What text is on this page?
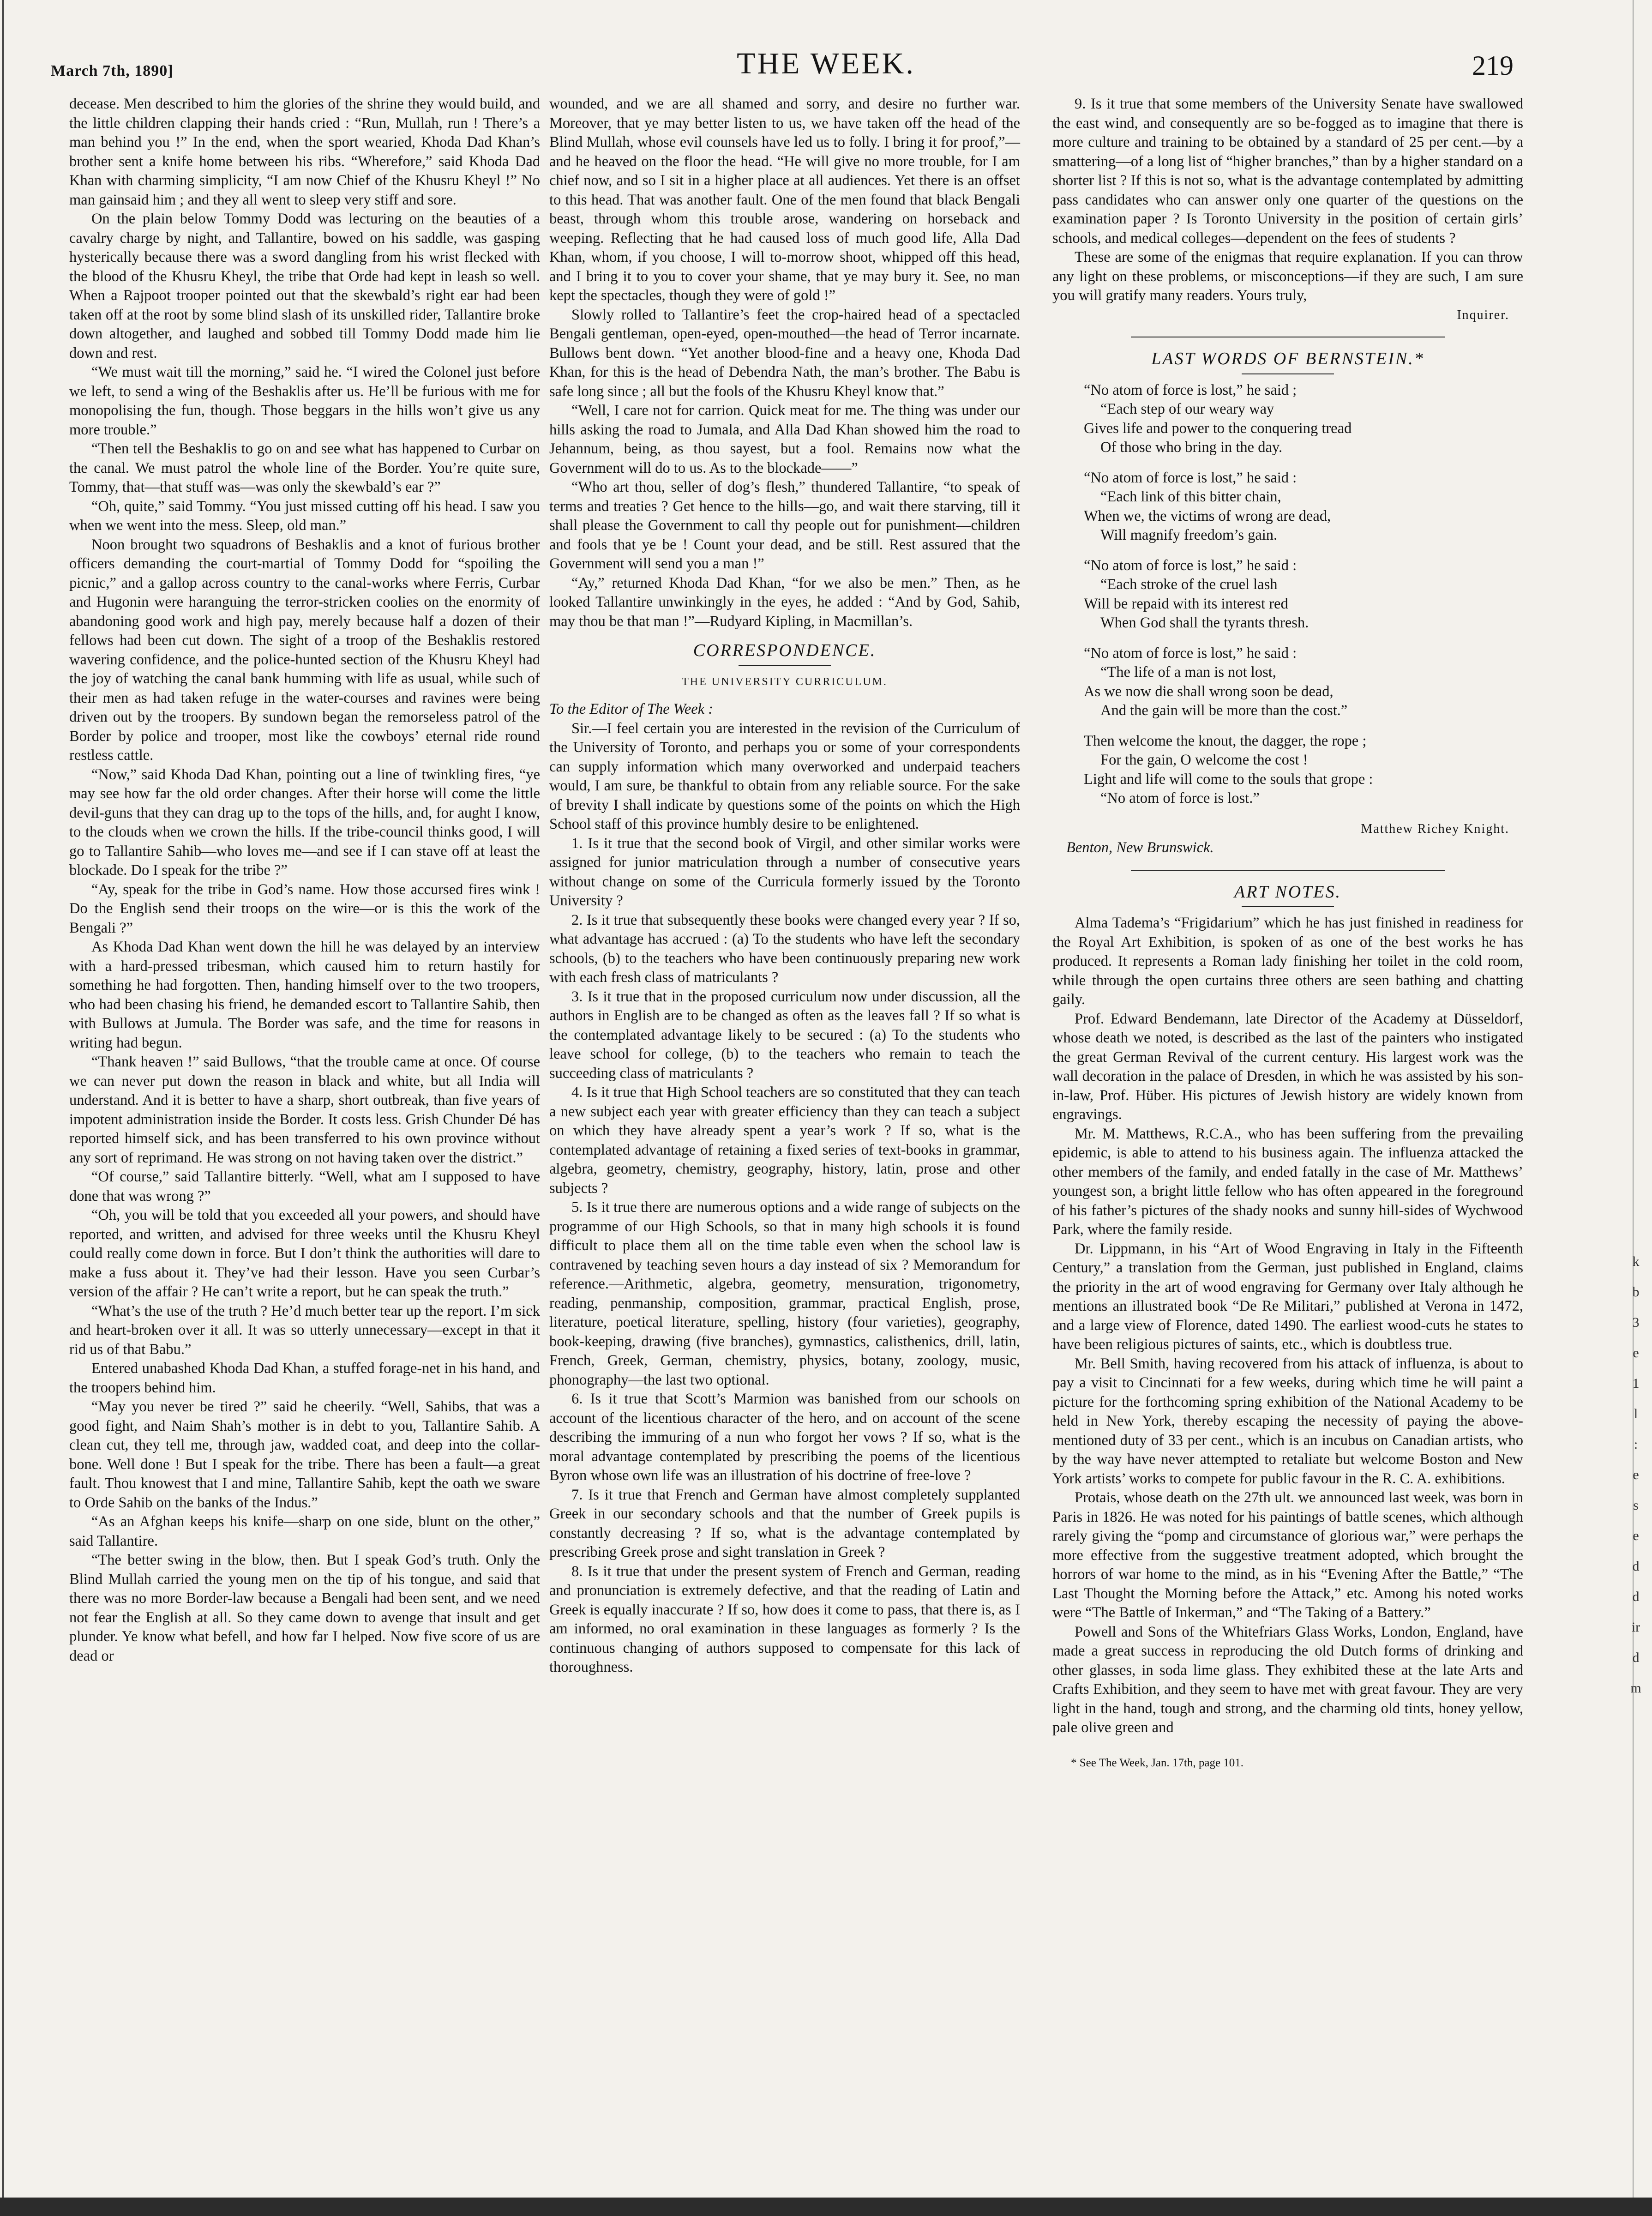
March 7th, 1890]	THE WEEK.	219

decease. Men described to him the glories of the shrine they would build, and the little children clapping their hands cried : “Run, Mullah, run ! There’s a man behind you !” In the end, when the sport wearied, Khoda Dad Khan’s brother sent a knife home between his ribs. “Wherefore,” said Khoda Dad Khan with charming simplicity, “I am now Chief of the Khusru Kheyl !” No man gainsaid him ; and they all went to sleep very stiff and sore.

On the plain below Tommy Dodd was lecturing on the beauties of a cavalry charge by night, and Tallantire, bowed on his saddle, was gasping hysterically because there was a sword dangling from his wrist flecked with the blood of the Khusru Kheyl, the tribe that Orde had kept in leash so well. When a Rajpoot trooper pointed out that the skewbald’s right ear had been taken off at the root by some blind slash of its unskilled rider, Tallantire broke down altogether, and laughed and sobbed till Tommy Dodd made him lie down and rest.

“We must wait till the morning,” said he. “I wired the Colonel just before we left, to send a wing of the Beshaklis after us. He’ll be furious with me for monopolising the fun, though. Those beggars in the hills won’t give us any more trouble.”

“Then tell the Beshaklis to go on and see what has happened to Curbar on the canal. We must patrol the whole line of the Border. You’re quite sure, Tommy, that—that stuff was—was only the skewbald’s ear ?”

“Oh, quite,” said Tommy. “You just missed cutting off his head. I saw you when we went into the mess. Sleep, old man.”

Noon brought two squadrons of Beshaklis and a knot of furious brother officers demanding the court-martial of Tommy Dodd for “spoiling the picnic,” and a gallop across country to the canal-works where Ferris, Curbar and Hugonin were haranguing the terror-stricken coolies on the enormity of abandoning good work and high pay, merely because half a dozen of their fellows had been cut down. The sight of a troop of the Beshaklis restored wavering confidence, and the police-hunted section of the Khusru Kheyl had the joy of watching the canal bank humming with life as usual, while such of their men as had taken refuge in the water-courses and ravines were being driven out by the troopers. By sundown began the remorseless patrol of the Border by police and trooper, most like the cowboys’ eternal ride round restless cattle.

“Now,” said Khoda Dad Khan, pointing out a line of twinkling fires, “ye may see how far the old order changes. After their horse will come the little devil-guns that they can drag up to the tops of the hills, and, for aught I know, to the clouds when we crown the hills. If the tribe-council thinks good, I will go to Tallantire Sahib—who loves me—and see if I can stave off at least the blockade. Do I speak for the tribe ?”

“Ay, speak for the tribe in God’s name. How those accursed fires wink ! Do the English send their troops on the wire—or is this the work of the Bengali ?”

As Khoda Dad Khan went down the hill he was delayed by an interview with a hard-pressed tribesman, which caused him to return hastily for something he had forgotten. Then, handing himself over to the two troopers, who had been chasing his friend, he demanded escort to Tallantire Sahib, then with Bullows at Jumula. The Border was safe, and the time for reasons in writing had begun.

“Thank heaven !” said Bullows, “that the trouble came at once. Of course we can never put down the reason in black and white, but all India will understand. And it is better to have a sharp, short outbreak, than five years of impotent administration inside the Border. It costs less. Grish Chunder Dé has reported himself sick, and has been transferred to his own province without any sort of reprimand. He was strong on not having taken over the district.”

“Of course,” said Tallantire bitterly. “Well, what am I supposed to have done that was wrong ?”

“Oh, you will be told that you exceeded all your powers, and should have reported, and written, and advised for three weeks until the Khusru Kheyl could really come down in force. But I don’t think the authorities will dare to make a fuss about it. They’ve had their lesson. Have you seen Curbar’s version of the affair ? He can’t write a report, but he can speak the truth.”

“What’s the use of the truth ? He’d much better tear up the report. I’m sick and heart-broken over it all. It was so utterly unnecessary—except in that it rid us of that Babu.”

Entered unabashed Khoda Dad Khan, a stuffed forage-net in his hand, and the troopers behind him.

“May you never be tired ?” said he cheerily. “Well, Sahibs, that was a good fight, and Naim Shah’s mother is in debt to you, Tallantire Sahib. A clean cut, they tell me, through jaw, wadded coat, and deep into the collar-bone. Well done ! But I speak for the tribe. There has been a fault—a great fault. Thou knowest that I and mine, Tallantire Sahib, kept the oath we sware to Orde Sahib on the banks of the Indus.”

“As an Afghan keeps his knife—sharp on one side, blunt on the other,” said Tallantire.

“The better swing in the blow, then. But I speak God’s truth. Only the Blind Mullah carried the young men on the tip of his tongue, and said that there was no more Border-law because a Bengali had been sent, and we need not fear the English at all. So they came down to avenge that insult and get plunder. Ye know what befell, and how far I helped. Now five score of us are dead or

wounded, and we are all shamed and sorry, and desire no further war. Moreover, that ye may better listen to us, we have taken off the head of the Blind Mullah, whose evil counsels have led us to folly. I bring it for proof,”—and he heaved on the floor the head. “He will give no more trouble, for I am chief now, and so I sit in a higher place at all audiences. Yet there is an offset to this head. That was another fault. One of the men found that black Bengali beast, through whom this trouble arose, wandering on horseback and weeping. Reflecting that he had caused loss of much good life, Alla Dad Khan, whom, if you choose, I will to-morrow shoot, whipped off this head, and I bring it to you to cover your shame, that ye may bury it. See, no man kept the spectacles, though they were of gold !”

Slowly rolled to Tallantire’s feet the crop-haired head of a spectacled Bengali gentleman, open-eyed, open-mouthed—the head of Terror incarnate. Bullows bent down. “Yet another blood-fine and a heavy one, Khoda Dad Khan, for this is the head of Debendra Nath, the man’s brother. The Babu is safe long since ; all but the fools of the Khusru Kheyl know that.”

“Well, I care not for carrion. Quick meat for me. The thing was under our hills asking the road to Jumala, and Alla Dad Khan showed him the road to Jehannum, being, as thou sayest, but a fool. Remains now what the Government will do to us. As to the blockade——”

“Who art thou, seller of dog’s flesh,” thundered Tallantire, “to speak of terms and treaties ? Get hence to the hills—go, and wait there starving, till it shall please the Government to call thy people out for punishment—children and fools that ye be ! Count your dead, and be still. Rest assured that the Government will send you a man !”

“Ay,” returned Khoda Dad Khan, “for we also be men.” Then, as he looked Tallantire unwinkingly in the eyes, he added : “And by God, Sahib, may thou be that man !”—Rudyard Kipling, in Macmillan’s.

CORRESPONDENCE.
THE UNIVERSITY CURRICULUM.

To the Editor of The Week :

Sir.—I feel certain you are interested in the revision of the Curriculum of the University of Toronto, and perhaps you or some of your correspondents can supply information which many overworked and underpaid teachers would, I am sure, be thankful to obtain from any reliable source. For the sake of brevity I shall indicate by questions some of the points on which the High School staff of this province humbly desire to be enlightened.

1. Is it true that the second book of Virgil, and other similar works were assigned for junior matriculation through a number of consecutive years without change on some of the Curricula formerly issued by the Toronto University ?

2. Is it true that subsequently these books were changed every year ? If so, what advantage has accrued : (a) To the students who have left the secondary schools, (b) to the teachers who have been continuously preparing new work with each fresh class of matriculants ?

3. Is it true that in the proposed curriculum now under discussion, all the authors in English are to be changed as often as the leaves fall ? If so what is the contemplated advantage likely to be secured : (a) To the students who leave school for college, (b) to the teachers who remain to teach the succeeding class of matriculants ?

4. Is it true that High School teachers are so constituted that they can teach a new subject each year with greater efficiency than they can teach a subject on which they have already spent a year’s work ? If so, what is the contemplated advantage of retaining a fixed series of text-books in grammar, algebra, geometry, chemistry, geography, history, latin, prose and other subjects ?

5. Is it true there are numerous options and a wide range of subjects on the programme of our High Schools, so that in many high schools it is found difficult to place them all on the time table even when the school law is contravened by teaching seven hours a day instead of six ? Memorandum for reference.—Arithmetic, algebra, geometry, mensuration, trigonometry, reading, penmanship, composition, grammar, practical English, prose, literature, poetical literature, spelling, history (four varieties), geography, book-keeping, drawing (five branches), gymnastics, calisthenics, drill, latin, French, Greek, German, chemistry, physics, botany, zoology, music, phonography—the last two optional.

6. Is it true that Scott’s Marmion was banished from our schools on account of the licentious character of the hero, and on account of the scene describing the immuring of a nun who forgot her vows ? If so, what is the moral advantage contemplated by prescribing the poems of the licentious Byron whose own life was an illustration of his doctrine of free-love ?

7. Is it true that French and German have almost completely supplanted Greek in our secondary schools and that the number of Greek pupils is constantly decreasing ? If so, what is the advantage contemplated by prescribing Greek prose and sight translation in Greek ?

8. Is it true that under the present system of French and German, reading and pronunciation is extremely defective, and that the reading of Latin and Greek is equally inaccurate ? If so, how does it come to pass, that there is, as I am informed, no oral examination in these languages as formerly ? Is the continuous changing of authors supposed to compensate for this lack of thoroughness.

9. Is it true that some members of the University Senate have swallowed the east wind, and consequently are so be-fogged as to imagine that there is more culture and training to be obtained by a standard of 25 per cent.—by a smattering—of a long list of “higher branches,” than by a higher standard on a shorter list ? If this is not so, what is the advantage contemplated by admitting pass candidates who can answer only one quarter of the questions on the examination paper ? Is Toronto University in the position of certain girls’ schools, and medical colleges—dependent on the fees of students ?

These are some of the enigmas that require explanation. If you can throw any light on these problems, or misconceptions—if they are such, I am sure you will gratify many readers. Yours truly,

Inquirer.
LAST WORDS OF BERNSTEIN.*

“No atom of force is lost,” he said ;

“Each step of our weary way

Gives life and power to the conquering tread

Of those who bring in the day.

“No atom of force is lost,” he said :

“Each link of this bitter chain,

When we, the victims of wrong are dead,

Will magnify freedom’s gain.

“No atom of force is lost,” he said :

“Each stroke of the cruel lash

Will be repaid with its interest red

When God shall the tyrants thresh.

“No atom of force is lost,” he said :

“The life of a man is not lost,

As we now die shall wrong soon be dead,

And the gain will be more than the cost.”

Then welcome the knout, the dagger, the rope ;

For the gain, O welcome the cost !

Light and life will come to the souls that grope :

“No atom of force is lost.”

Matthew Richey Knight.
Benton, New Brunswick.
ART NOTES.

Alma Tadema’s “Frigidarium” which he has just finished in readiness for the Royal Art Exhibition, is spoken of as one of the best works he has produced. It represents a Roman lady finishing her toilet in the cold room, while through the open curtains three others are seen bathing and chatting gaily.

Prof. Edward Bendemann, late Director of the Academy at Düsseldorf, whose death we noted, is described as the last of the painters who instigated the great German Revival of the current century. His largest work was the wall decoration in the palace of Dresden, in which he was assisted by his son-in-law, Prof. Hüber. His pictures of Jewish history are widely known from engravings.

Mr. M. Matthews, R.C.A., who has been suffering from the prevailing epidemic, is able to attend to his business again. The influenza attacked the other members of the family, and ended fatally in the case of Mr. Matthews’ youngest son, a bright little fellow who has often appeared in the foreground of his father’s pictures of the shady nooks and sunny hill-sides of Wychwood Park, where the family reside.

Dr. Lippmann, in his “Art of Wood Engraving in Italy in the Fifteenth Century,” a translation from the German, just published in England, claims the priority in the art of wood engraving for Germany over Italy although he mentions an illustrated book “De Re Militari,” published at Verona in 1472, and a large view of Florence, dated 1490. The earliest wood-cuts he states to have been religious pictures of saints, etc., which is doubtless true.

Mr. Bell Smith, having recovered from his attack of influenza, is about to pay a visit to Cincinnati for a few weeks, during which time he will paint a picture for the forthcoming spring exhibition of the National Academy to be held in New York, thereby escaping the necessity of paying the above-mentioned duty of 33 per cent., which is an incubus on Canadian artists, who by the way have never attempted to retaliate but welcome Boston and New York artists’ works to compete for public favour in the R. C. A. exhibitions.

Protais, whose death on the 27th ult. we announced last week, was born in Paris in 1826. He was noted for his paintings of battle scenes, which although rarely giving the “pomp and circumstance of glorious war,” were perhaps the more effective from the suggestive treatment adopted, which brought the horrors of war home to the mind, as in his “Evening After the Battle,” “The Last Thought the Morning before the Attack,” etc. Among his noted works were “The Battle of Inkerman,” and “The Taking of a Battery.”

Powell and Sons of the Whitefriars Glass Works, London, England, have made a great success in reproducing the old Dutch forms of drinking and other glasses, in soda lime glass. They exhibited these at the late Arts and Crafts Exhibition, and they seem to have met with great favour. They are very light in the hand, tough and strong, and the charming old tints, honey yellow, pale olive green and

* See The Week, Jan. 17th, page 101.
k
b
3
e
1
l
:
e
s
e
d
d
ir
d
m
